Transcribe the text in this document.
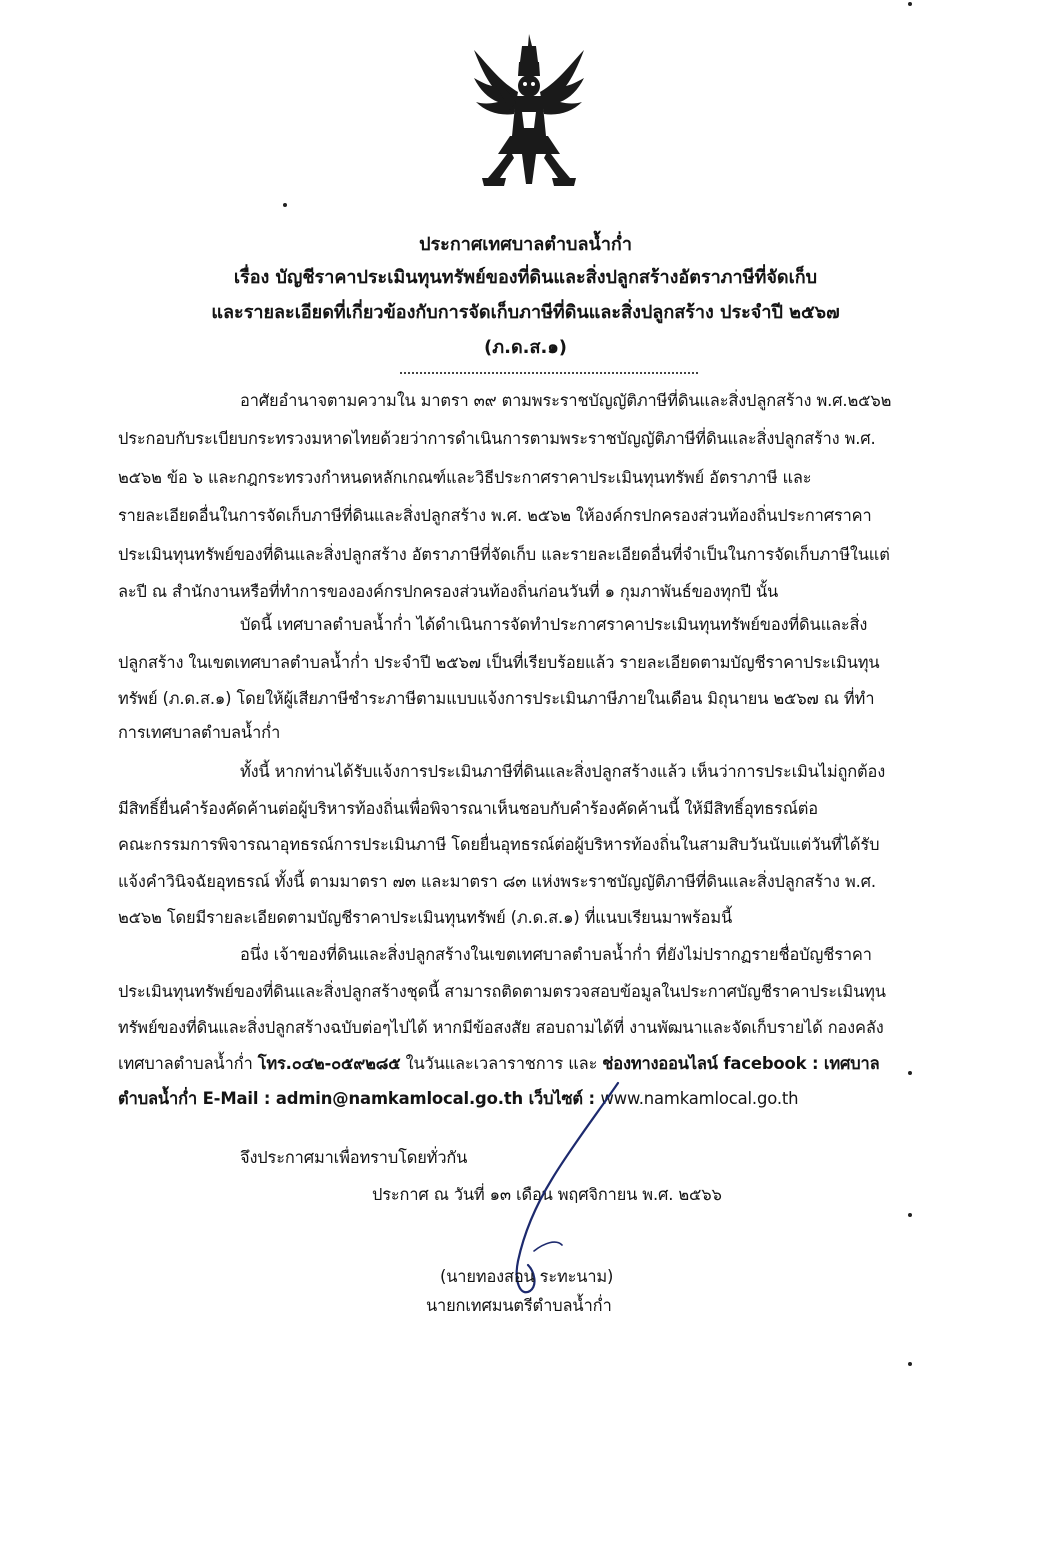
ประกาศเทศบาลตำบลน้ำก่ำ
เรื่อง บัญชีราคาประเมินทุนทรัพย์ของที่ดินและสิ่งปลูกสร้างอัตราภาษีที่จัดเก็บ
และรายละเอียดที่เกี่ยวข้องกับการจัดเก็บภาษีที่ดินและสิ่งปลูกสร้าง ประจำปี ๒๕๖๗
(ภ.ด.ส.๑)
อาศัยอำนาจตามความใน มาตรา ๓๙ ตามพระราชบัญญัติภาษีที่ดินและสิ่งปลูกสร้าง พ.ศ.๒๕๖๒
ประกอบกับระเบียบกระทรวงมหาดไทยด้วยว่าการดำเนินการตามพระราชบัญญัติภาษีที่ดินและสิ่งปลูกสร้าง พ.ศ.
๒๕๖๒ ข้อ ๖ และกฎกระทรวงกำหนดหลักเกณฑ์และวิธีประกาศราคาประเมินทุนทรัพย์ อัตราภาษี และ
รายละเอียดอื่นในการจัดเก็บภาษีที่ดินและสิ่งปลูกสร้าง พ.ศ. ๒๕๖๒ ให้องค์กรปกครองส่วนท้องถิ่นประกาศราคา
ประเมินทุนทรัพย์ของที่ดินและสิ่งปลูกสร้าง อัตราภาษีที่จัดเก็บ และรายละเอียดอื่นที่จำเป็นในการจัดเก็บภาษีในแต่
ละปี ณ สำนักงานหรือที่ทำการขององค์กรปกครองส่วนท้องถิ่นก่อนวันที่ ๑ กุมภาพันธ์ของทุกปี นั้น
บัดนี้ เทศบาลตำบลน้ำก่ำ ได้ดำเนินการจัดทำประกาศราคาประเมินทุนทรัพย์ของที่ดินและสิ่ง
ปลูกสร้าง ในเขตเทศบาลตำบลน้ำก่ำ ประจำปี ๒๕๖๗ เป็นที่เรียบร้อยแล้ว รายละเอียดตามบัญชีราคาประเมินทุน
ทรัพย์ (ภ.ด.ส.๑) โดยให้ผู้เสียภาษีชำระภาษีตามแบบแจ้งการประเมินภาษีภายในเดือน มิถุนายน ๒๕๖๗ ณ ที่ทำ
การเทศบาลตำบลน้ำก่ำ
ทั้งนี้ หากท่านได้รับแจ้งการประเมินภาษีที่ดินและสิ่งปลูกสร้างแล้ว เห็นว่าการประเมินไม่ถูกต้อง
มีสิทธิ์ยื่นคำร้องคัดค้านต่อผู้บริหารท้องถิ่นเพื่อพิจารณาเห็นชอบกับคำร้องคัดค้านนี้ ให้มีสิทธิ์อุทธรณ์ต่อ
คณะกรรมการพิจารณาอุทธรณ์การประเมินภาษี โดยยื่นอุทธรณ์ต่อผู้บริหารท้องถิ่นในสามสิบวันนับแต่วันที่ได้รับ
แจ้งคำวินิจฉัยอุทธรณ์ ทั้งนี้ ตามมาตรา ๗๓ และมาตรา ๘๓ แห่งพระราชบัญญัติภาษีที่ดินและสิ่งปลูกสร้าง พ.ศ.
๒๕๖๒ โดยมีรายละเอียดตามบัญชีราคาประเมินทุนทรัพย์ (ภ.ด.ส.๑) ที่แนบเรียนมาพร้อมนี้
อนึ่ง เจ้าของที่ดินและสิ่งปลูกสร้างในเขตเทศบาลตำบลน้ำก่ำ ที่ยังไม่ปรากฏรายชื่อบัญชีราคา
ประเมินทุนทรัพย์ของที่ดินและสิ่งปลูกสร้างชุดนี้ สามารถติดตามตรวจสอบข้อมูลในประกาศบัญชีราคาประเมินทุน
ทรัพย์ของที่ดินและสิ่งปลูกสร้างฉบับต่อๆไปได้ หากมีข้อสงสัย สอบถามได้ที่ งานพัฒนาและจัดเก็บรายได้ กองคลัง
เทศบาลตำบลน้ำก่ำ โทร.๐๔๒-๐๕๙๒๘๕ ในวันและเวลาราชการ และ ช่องทางออนไลน์ facebook : เทศบาล
ตำบลน้ำก่ำ E-Mail : admin@namkamlocal.go.th เว็บไซต์ : www.namkamlocal.go.th
จึงประกาศมาเพื่อทราบโดยทั่วกัน
ประกาศ ณ วันที่ ๑๓ เดือน พฤศจิกายน พ.ศ. ๒๕๖๖
(นายทองสอน ระทะนาม)
นายกเทศมนตรีตำบลน้ำก่ำ
